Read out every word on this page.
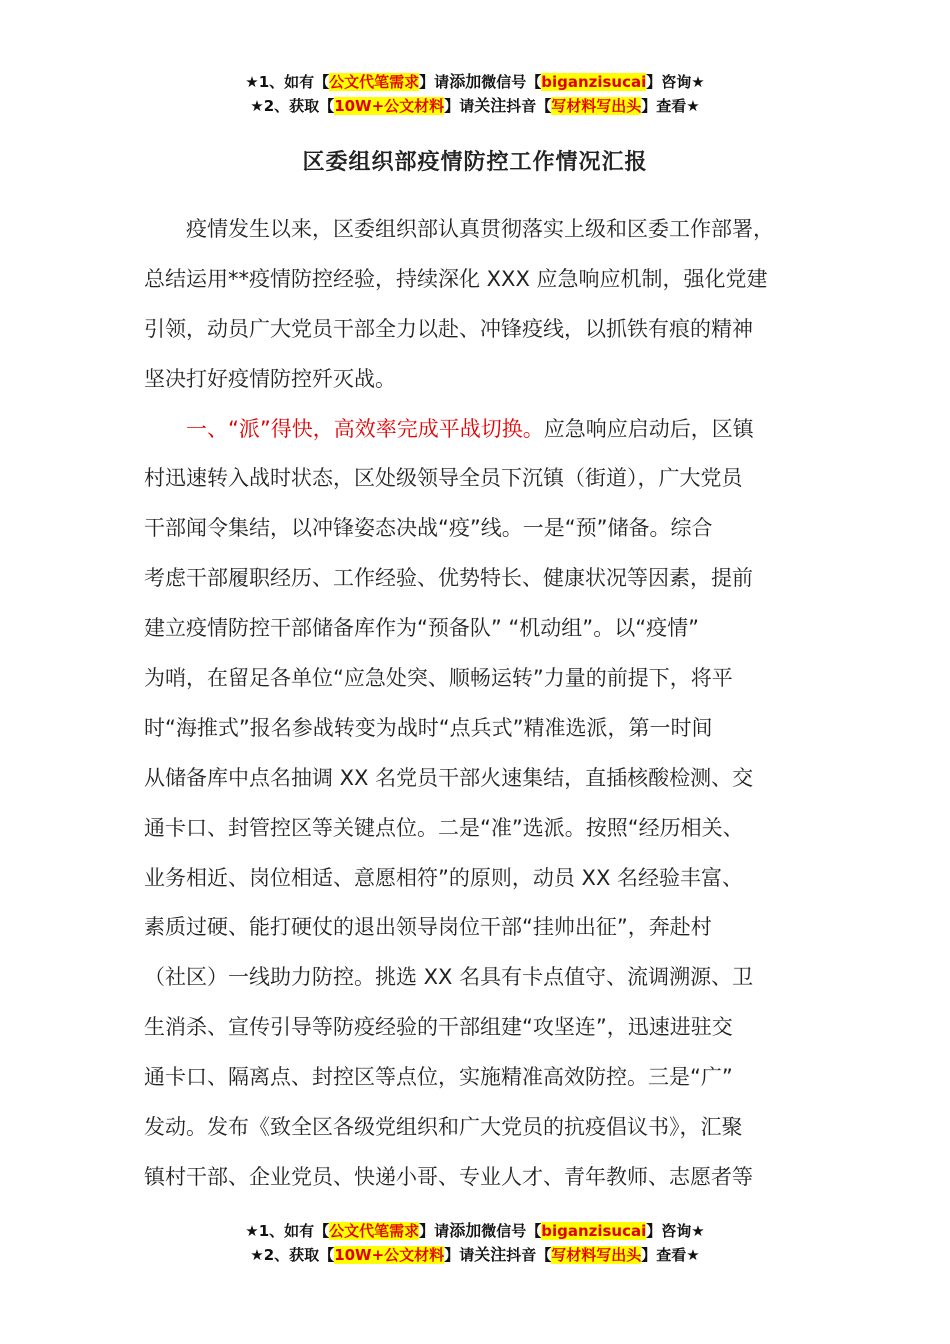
★1、如有【公文代笔需求】请添加微信号【biganzisucai】咨询★
★2、获取【10W+公文材料】请关注抖音【写材料写出头】查看★
区委组织部疫情防控工作情况汇报
疫情发生以来，区委组织部认真贯彻落实上级和区委工作部署，
总结运用**疫情防控经验，持续深化 XXX 应急响应机制，强化党建
引领，动员广大党员干部全力以赴、冲锋疫线，以抓铁有痕的精神
坚决打好疫情防控歼灭战。
一、“派”得快，高效率完成平战切换。应急响应启动后，区镇
村迅速转入战时状态，区处级领导全员下沉镇（街道），广大党员
干部闻令集结，以冲锋姿态决战“疫”线。一是“预”储备。综合
考虑干部履职经历、工作经验、优势特长、健康状况等因素，提前
建立疫情防控干部储备库作为“预备队” “机动组”。以“疫情”
为哨，在留足各单位“应急处突、顺畅运转”力量的前提下，将平
时“海推式”报名参战转变为战时“点兵式”精准选派，第一时间
从储备库中点名抽调 XX 名党员干部火速集结，直插核酸检测、交
通卡口、封管控区等关键点位。二是“准”选派。按照“经历相关、
业务相近、岗位相适、意愿相符”的原则，动员 XX 名经验丰富、
素质过硬、能打硬仗的退出领导岗位干部“挂帅出征”，奔赴村
（社区）一线助力防控。挑选 XX 名具有卡点值守、流调溯源、卫
生消杀、宣传引导等防疫经验的干部组建“攻坚连”，迅速进驻交
通卡口、隔离点、封控区等点位，实施精准高效防控。三是“广”
发动。发布《致全区各级党组织和广大党员的抗疫倡议书》，汇聚
镇村干部、企业党员、快递小哥、专业人才、青年教师、志愿者等
★1、如有【公文代笔需求】请添加微信号【biganzisucai】咨询★
★2、获取【10W+公文材料】请关注抖音【写材料写出头】查看★
